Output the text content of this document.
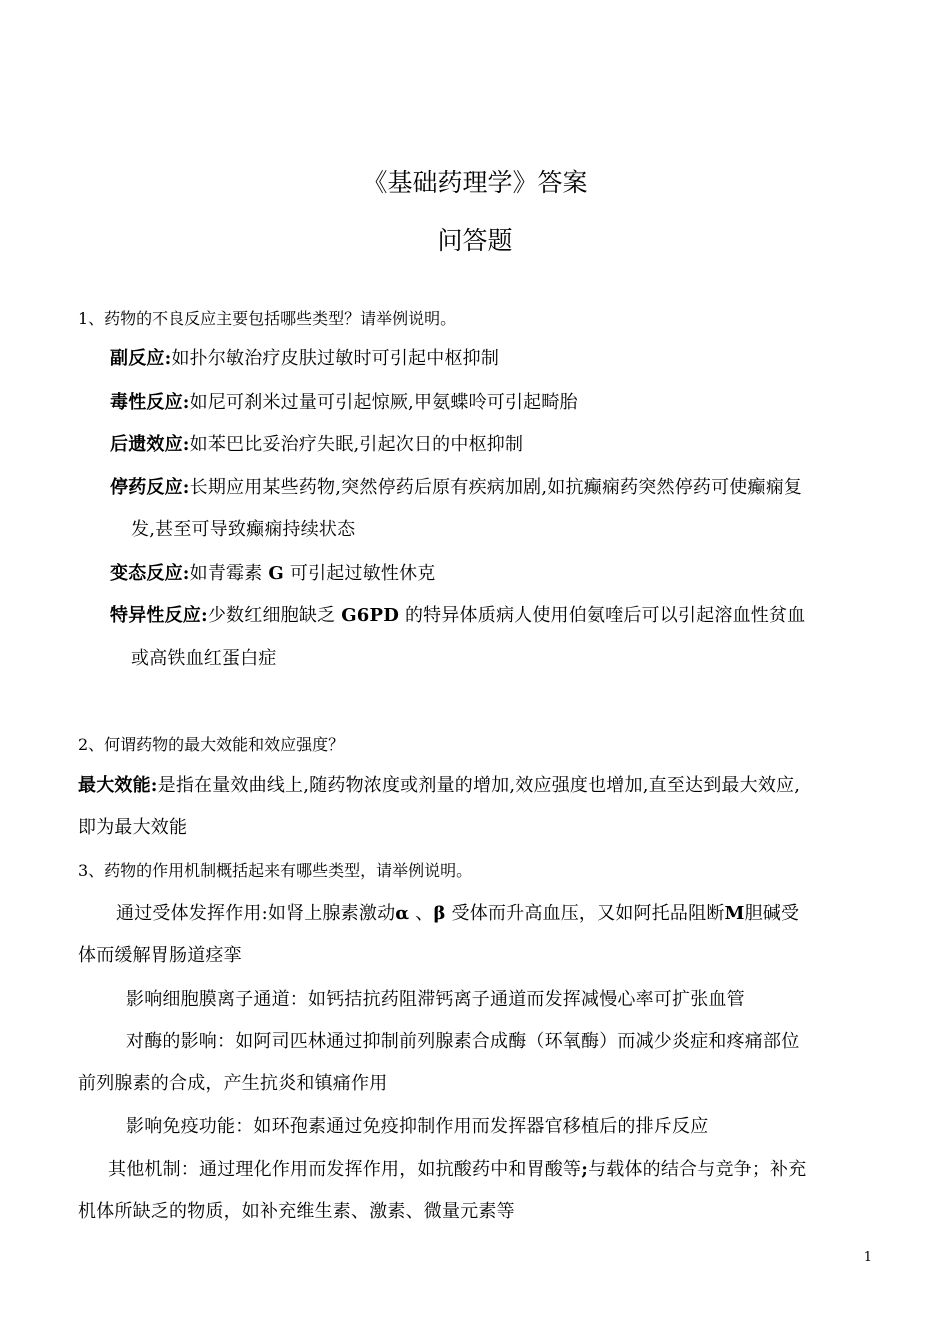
《基础药理学》答案
问答题
1、药物的不良反应主要包括哪些类型？请举例说明。
副反应:如扑尔敏治疗皮肤过敏时可引起中枢抑制
毒性反应:如尼可刹米过量可引起惊厥,甲氨蝶呤可引起畸胎
后遗效应:如苯巴比妥治疗失眠,引起次日的中枢抑制
停药反应:长期应用某些药物,突然停药后原有疾病加剧,如抗癫痫药突然停药可使癫痫复
发,甚至可导致癫痫持续状态
变态反应:如青霉素 G 可引起过敏性休克
特异性反应:少数红细胞缺乏 G6PD 的特异体质病人使用伯氨喹后可以引起溶血性贫血
或高铁血红蛋白症
2、何谓药物的最大效能和效应强度？
最大效能:是指在量效曲线上,随药物浓度或剂量的增加,效应强度也增加,直至达到最大效应,
即为最大效能
3、药物的作用机制概括起来有哪些类型，请举例说明。
通过受体发挥作用:如肾上腺素激动α 、β 受体而升高血压，又如阿托品阻断M胆碱受
体而缓解胃肠道痉挛
影响细胞膜离子通道：如钙拮抗药阻滞钙离子通道而发挥减慢心率可扩张血管
对酶的影响：如阿司匹林通过抑制前列腺素合成酶（环氧酶）而减少炎症和疼痛部位
前列腺素的合成，产生抗炎和镇痛作用
影响免疫功能：如环孢素通过免疫抑制作用而发挥器官移植后的排斥反应
其他机制：通过理化作用而发挥作用，如抗酸药中和胃酸等;与载体的结合与竞争；补充
机体所缺乏的物质，如补充维生素、激素、微量元素等
1
